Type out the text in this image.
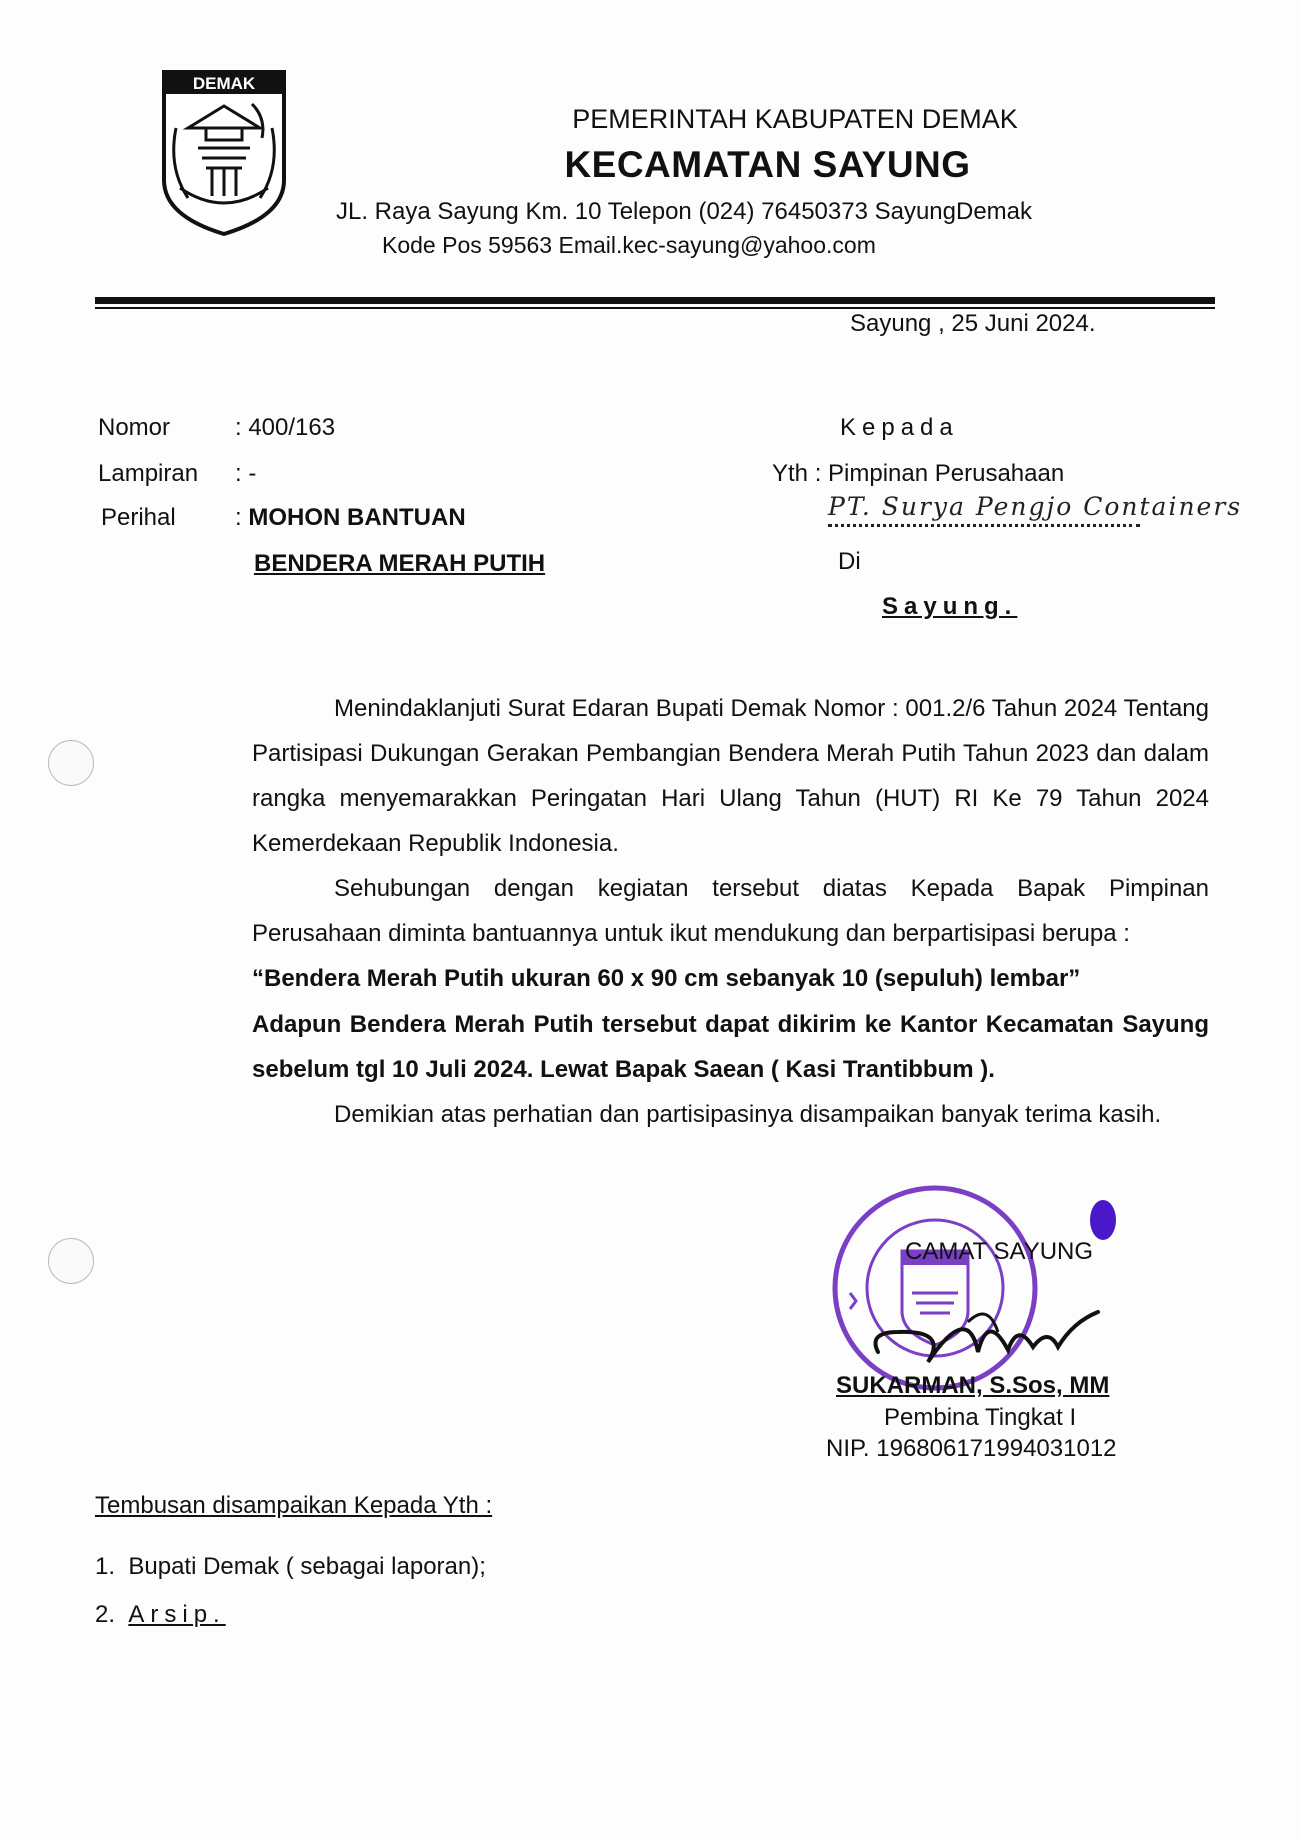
DEMAK
PEMERINTAH KABUPATEN DEMAK
KECAMATAN SAYUNG
JL. Raya Sayung Km. 10 Telepon (024) 76450373 SayungDemak
Kode Pos 59563 Email.kec-sayung@yahoo.com
Sayung , 25 Juni 2024.
Nomor	: 400/163
Lampiran : -
Perihal : MOHON BANTUAN
BENDERA MERAH PUTIH
Kepada
Yth : Pimpinan Perusahaan
PT. Surya Pengjo Containers
Di
Sayung.
Menindaklanjuti Surat Edaran Bupati Demak Nomor : 001.2/6 Tahun 2024 Tentang Partisipasi Dukungan Gerakan Pembangian Bendera Merah Putih Tahun 2023 dan dalam rangka menyemarakkan Peringatan Hari Ulang Tahun (HUT) RI Ke 79 Tahun 2024 Kemerdekaan Republik Indonesia.
Sehubungan dengan kegiatan tersebut diatas Kepada Bapak Pimpinan Perusahaan diminta bantuannya untuk ikut mendukung dan berpartisipasi berupa :
“Bendera Merah Putih ukuran 60 x 90 cm sebanyak 10 (sepuluh) lembar”
Adapun Bendera Merah Putih tersebut dapat dikirim ke Kantor Kecamatan Sayung sebelum tgl 10 Juli 2024. Lewat Bapak Saean ( Kasi Trantibbum ).
Demikian atas perhatian dan partisipasinya disampaikan banyak terima kasih.
CAMAT SAYUNG
SUKARMAN, S.Sos, MM
Pembina Tingkat I
NIP. 196806171994031012
Tembusan disampaikan Kepada Yth :
1. Bupati Demak ( sebagai laporan);
2. Arsip.
